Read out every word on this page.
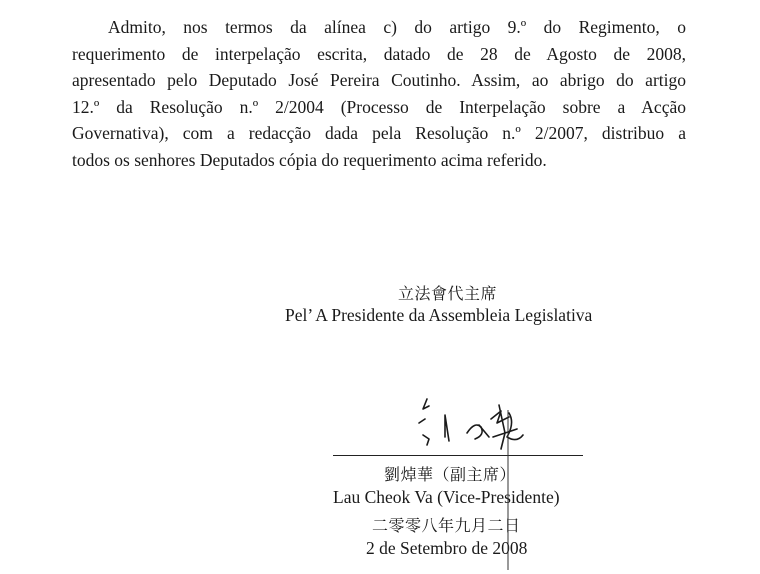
Admito, nos termos da alínea c) do artigo 9.º do Regimento, o
requerimento de interpelação escrita, datado de 28 de Agosto de 2008,
apresentado pelo Deputado José Pereira Coutinho. Assim, ao abrigo do artigo
12.º da Resolução n.º 2/2004 (Processo de Interpelação sobre a Acção
Governativa), com a redacção dada pela Resolução n.º 2/2007, distribuo a
todos os senhores Deputados cópia do requerimento acima referido.
立法會代主席
Pel’ A Presidente da Assembleia Legislativa
劉焯華（副主席）
Lau Cheok Va (Vice-Presidente)
二零零八年九月二日
2 de Setembro de 2008
